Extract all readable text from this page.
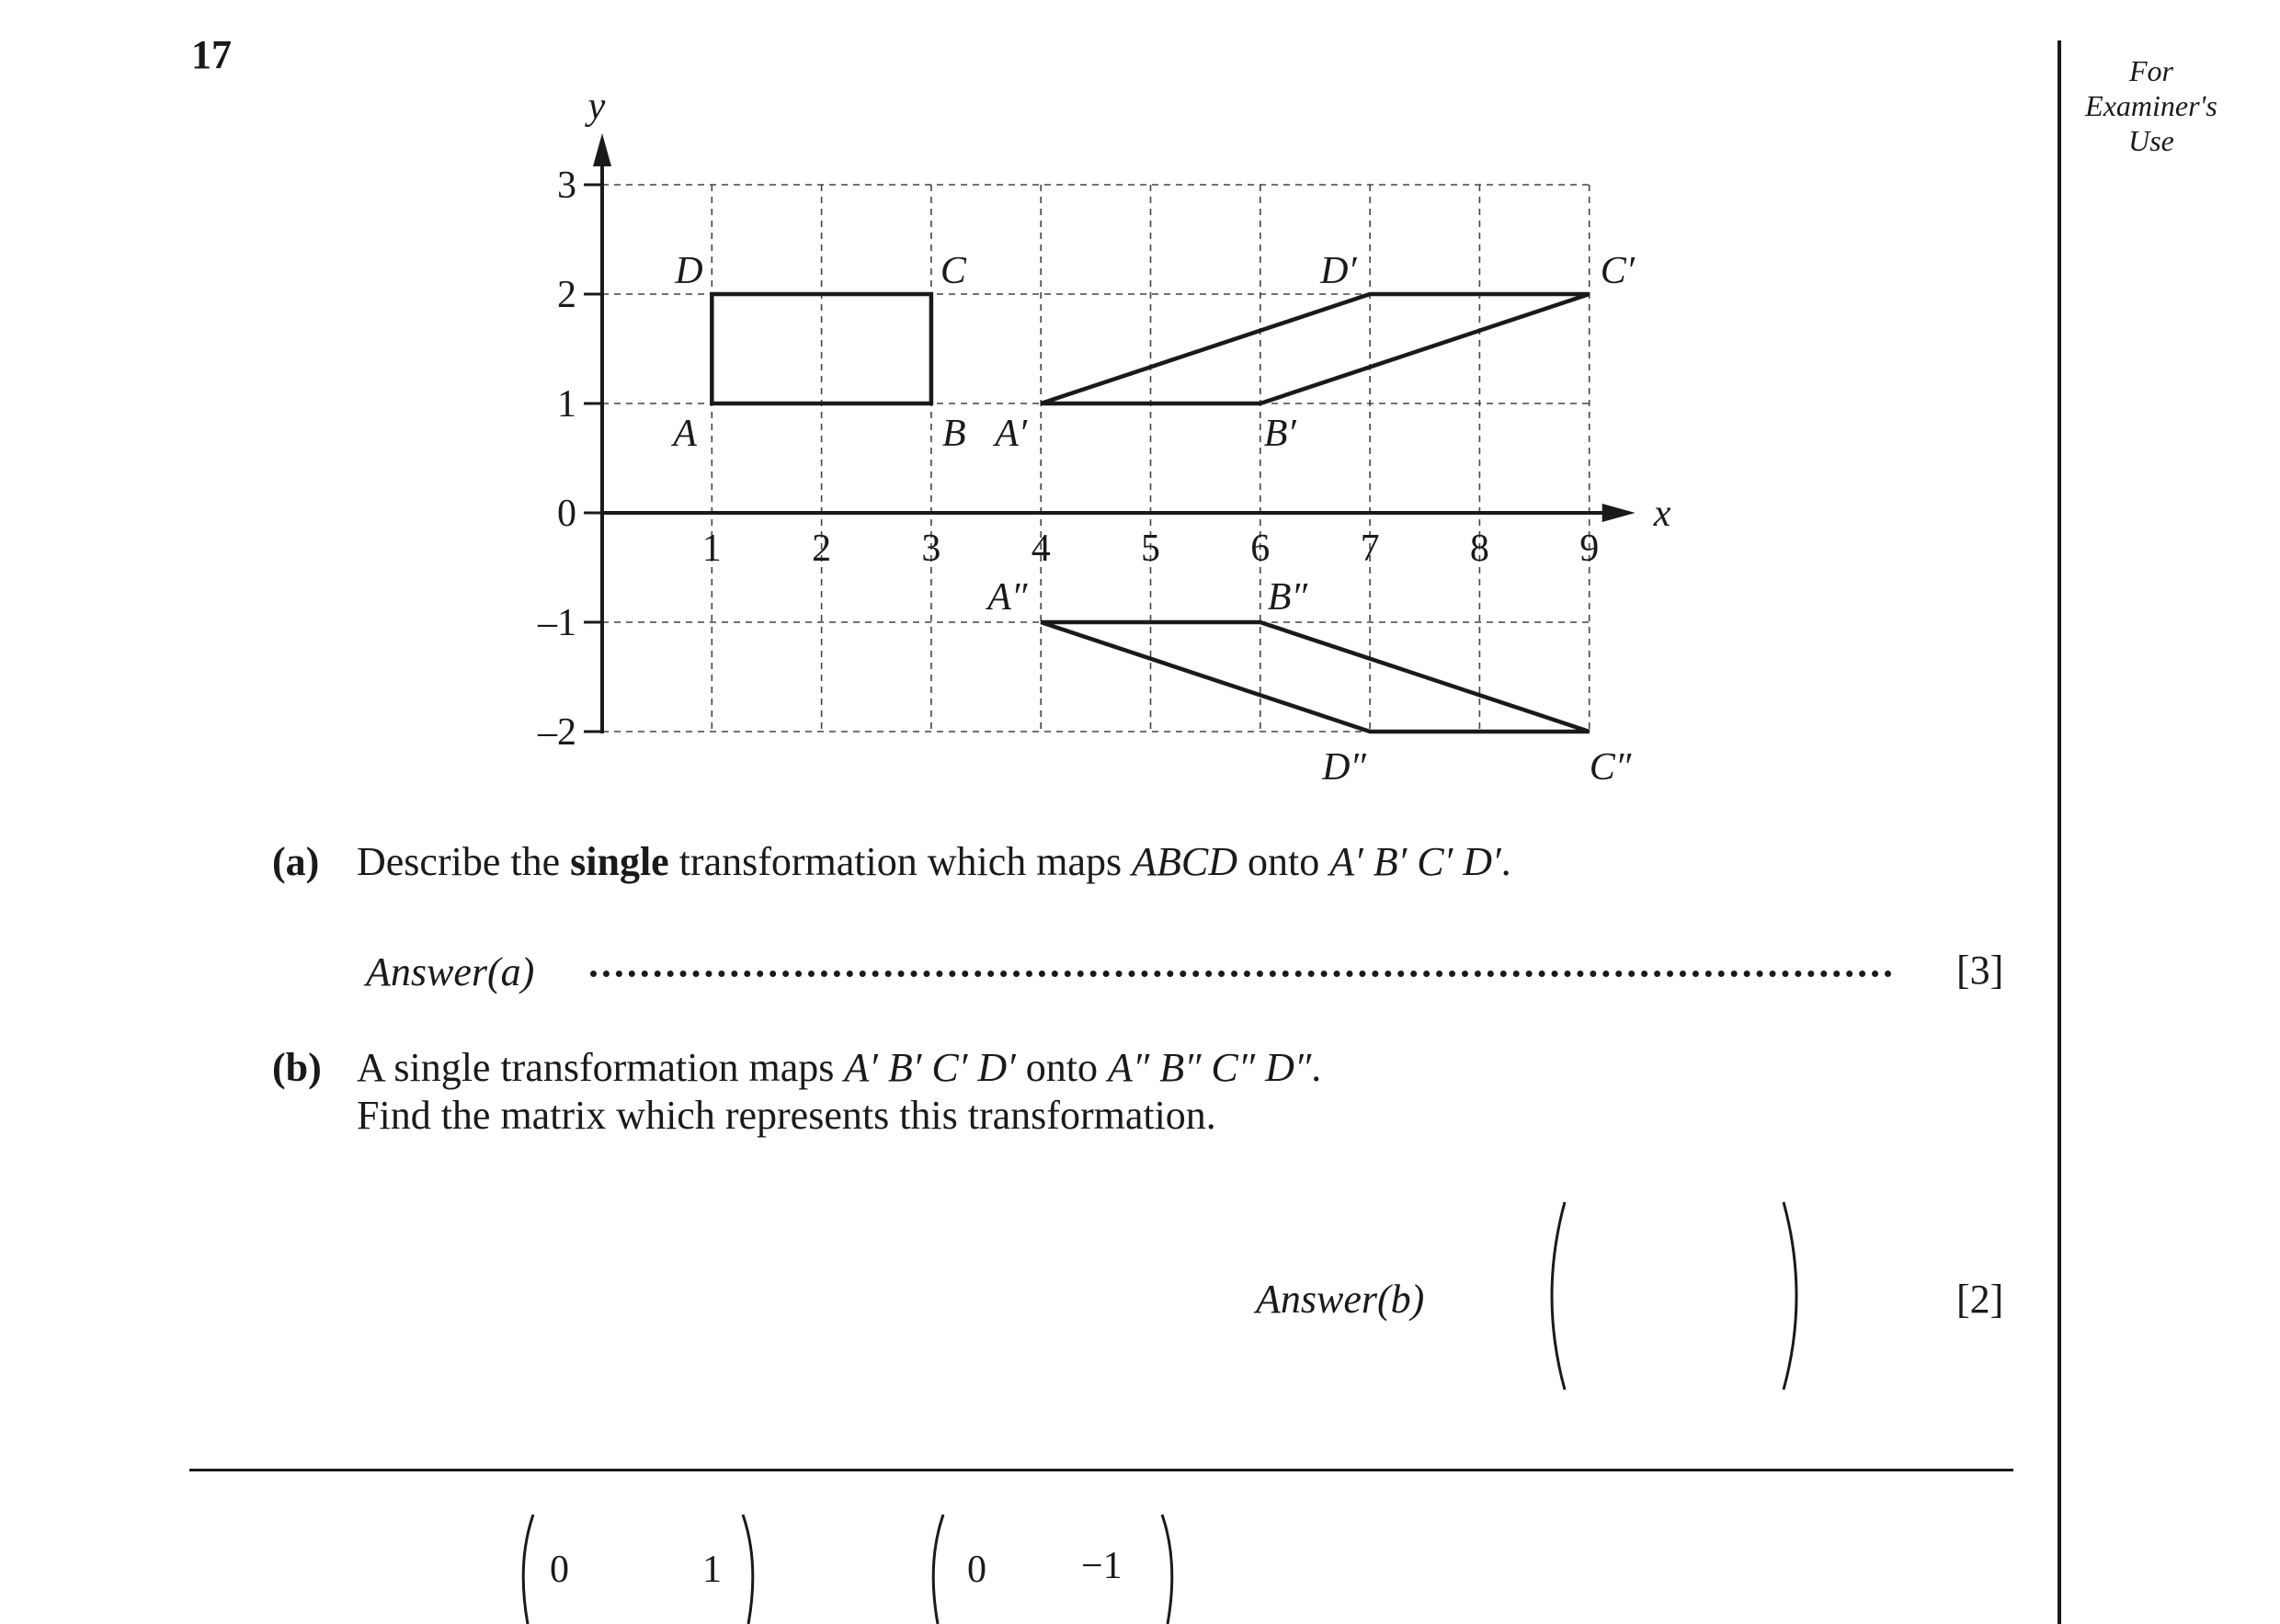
17	For
Examiner's
Use
1 2 3 4 5 6 7 8 9
3
2
1
0
–1
–2
x
y
A	B
C
D
A′	B′
C′
D′
A″	B″
C″
D″
(a) Describe the single transformation which maps ABCD onto A′ B′ C′ D′.
Answer(a)	[3]
(b) A single transformation maps A′ B′ C′ D′ onto A″ B″ C″ D″.
Find the matrix which represents this transformation.
Answer(b)	[2]
0	1	0 −1
